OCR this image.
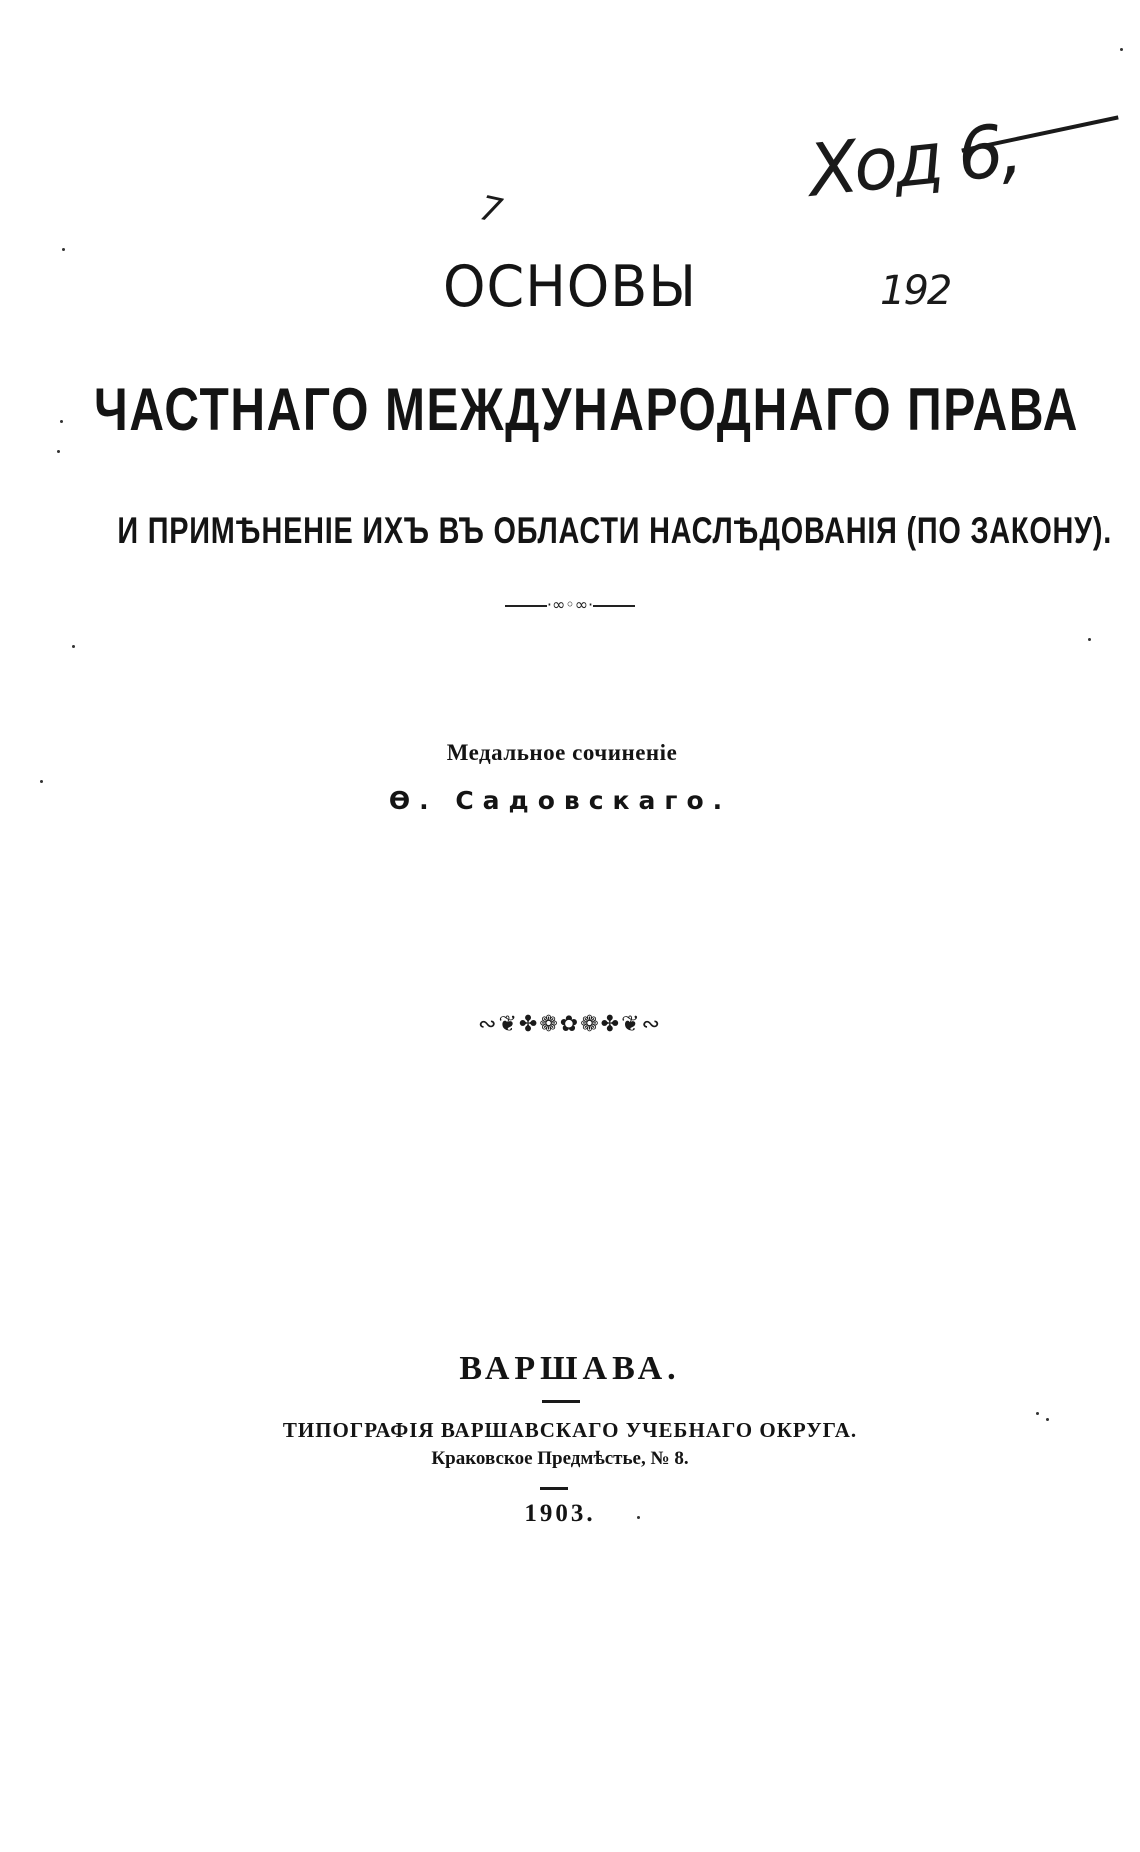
7	Ход 6,
192
ОСНОВЫ
ЧАСТНАГО МЕЖДУНАРОДНАГО ПРАВА
И ПРИМѢНЕНІЕ ИХЪ ВЪ ОБЛАСТИ НАСЛѢДОВАНІЯ (ПО ЗАКОНУ).
·∞◦∞·
Медальное сочиненіе
Ѳ. Садовскаго.
∾❦✤❁✿❁✤❦∾
ВАРШАВА.
ТИПОГРАФІЯ ВАРШАВСКАГО УЧЕБНАГО ОКРУГА.
Краковское Предмѣстье, № 8.
1903.
